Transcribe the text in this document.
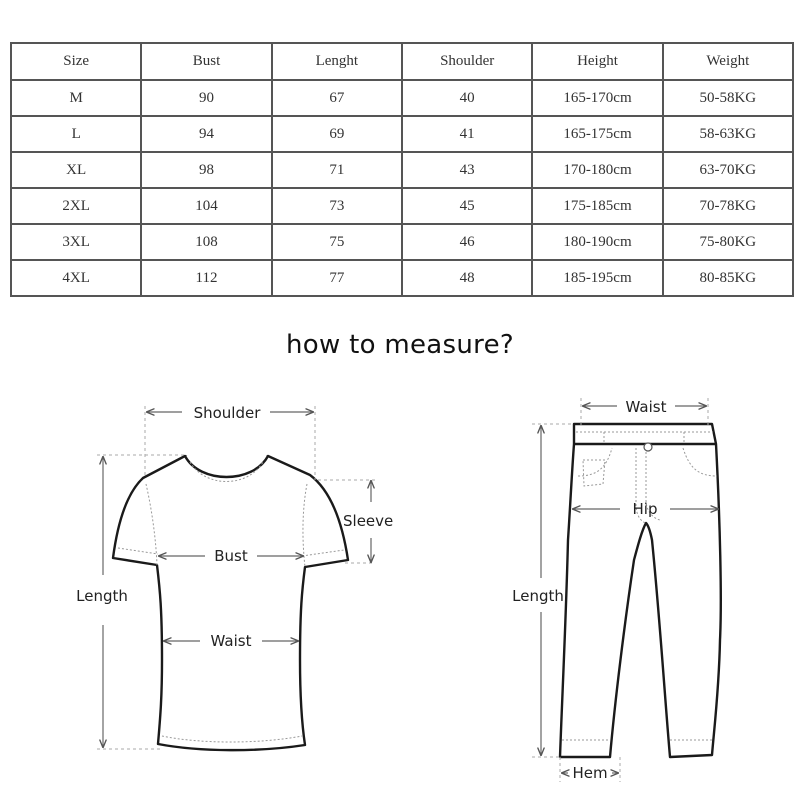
Size	Bust	Lenght	Shoulder	Height	Weight
M	90	67	40	165-170cm	50-58KG
L	94	69	41	165-175cm	58-63KG
XL	98	71	43	170-180cm	63-70KG
2XL	104	73	45	175-185cm	70-78KG
3XL	108	75	46	180-190cm	75-80KG
4XL	112	77	48	185-195cm	80-85KG
how to measure?
Shoulder
Sleeve
Bust
Waist
Length
Waist
Hip
Length
Hem
